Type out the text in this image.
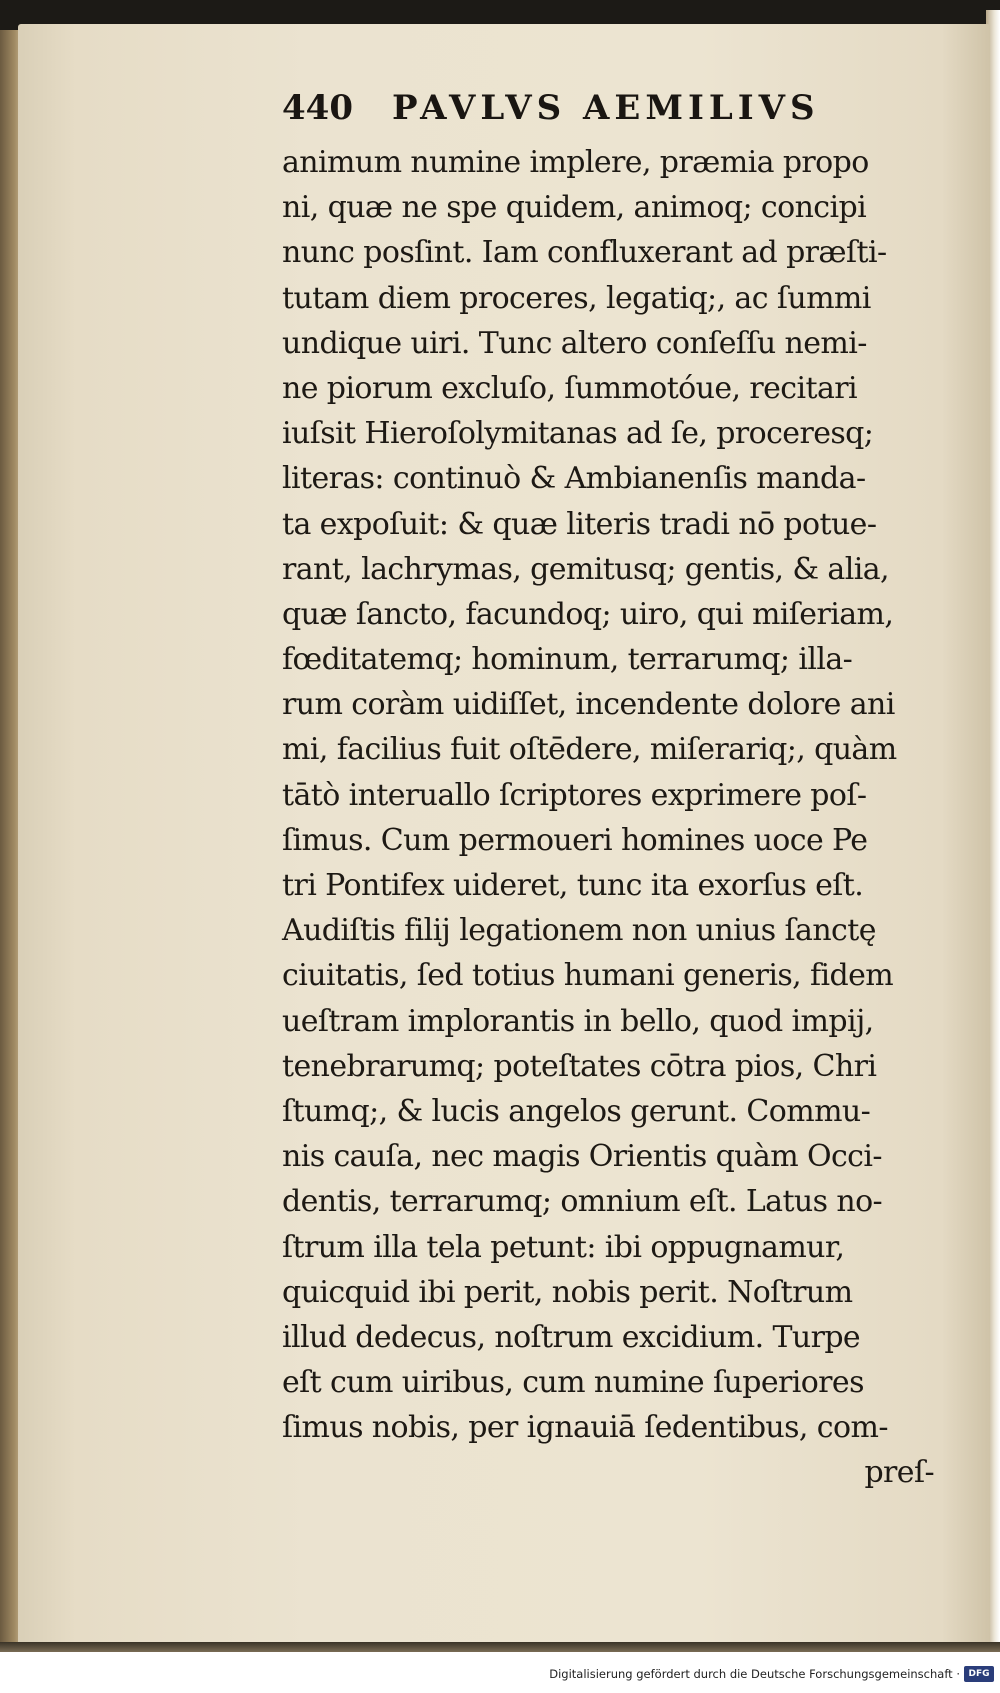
440 PAVLVS AEMILIVS
animum numine implere, præmia propo
ni, quæ ne spe quidem, animoq; concipi
nunc posſint. Iam confluxerant ad præſti-
tutam diem proceres, legatiq;, ac ſummi
undique uiri. Tunc altero conſeſſu nemi-
ne piorum excluſo, ſummotóue, recitari
iuſsit Hieroſolymitanas ad ſe, proceresq;
literas: continuò & Ambianenſis manda-
ta expoſuit: & quæ literis tradi nō potue-
rant, lachrymas, gemitusq; gentis, & alia,
quæ ſancto, facundoq; uiro, qui miſeriam,
fœditatemq; hominum, terrarumq; illa-
rum coràm uidiſſet, incendente dolore ani
mi, facilius fuit oſtēdere, miſerariq;, quàm
tātò interuallo ſcriptores exprimere poſ-
ſimus. Cum permoueri homines uoce Pe
tri Pontifex uideret, tunc ita exorſus eſt.
Audiſtis filij legationem non unius ſanctę
ciuitatis, ſed totius humani generis, fidem
ueſtram implorantis in bello, quod impij,
tenebrarumq; poteſtates cōtra pios, Chri
ſtumq;, & lucis angelos gerunt. Commu-
nis cauſa, nec magis Orientis quàm Occi-
dentis, terrarumq; omnium eſt. Latus no-
ſtrum illa tela petunt: ibi oppugnamur,
quicquid ibi perit, nobis perit. Noſtrum
illud dedecus, noſtrum excidium. Turpe
eſt cum uiribus, cum numine ſuperiores
ſimus nobis, per ignauiā ſedentibus, com-
preſ-
Digitalisierung gefördert durch die Deutsche Forschungsgemeinschaft · DFG
